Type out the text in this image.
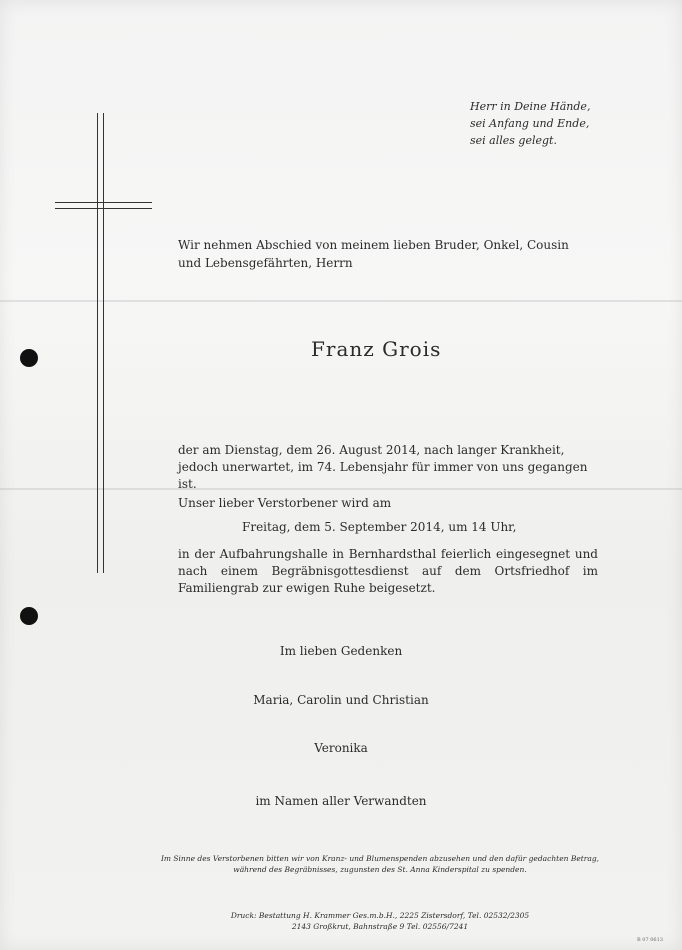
Herr in Deine Hände,
sei Anfang und Ende,
sei alles gelegt.
Wir nehmen Abschied von meinem lieben Bruder, Onkel, Cousin
und Lebensgefährten, Herrn
Franz Grois
der am Dienstag, dem 26. August 2014, nach langer Krankheit, jedoch unerwartet, im 74. Lebensjahr für immer von uns gegangen ist.
Unser lieber Verstorbener wird am
Freitag, dem 5. September 2014, um 14 Uhr,
in der Aufbahrungshalle in Bernhardsthal feierlich eingesegnet und nach einem Begräbnisgottesdienst auf dem Ortsfriedhof im Familiengrab zur ewigen Ruhe beigesetzt.
Im lieben Gedenken
Maria, Carolin und Christian
Veronika
im Namen aller Verwandten
Im Sinne des Verstorbenen bitten wir von Kranz- und Blumenspenden abzusehen und den dafür gedachten Betrag, während des Begräbnisses, zugunsten des St. Anna Kinderspital zu spenden.
Druck: Bestattung H. Krammer Ges.m.b.H., 2225 Zistersdorf, Tel. 02532/2305
2143 Großkrut, Bahnstraße 9 Tel. 02556/7241
B 07 0613
